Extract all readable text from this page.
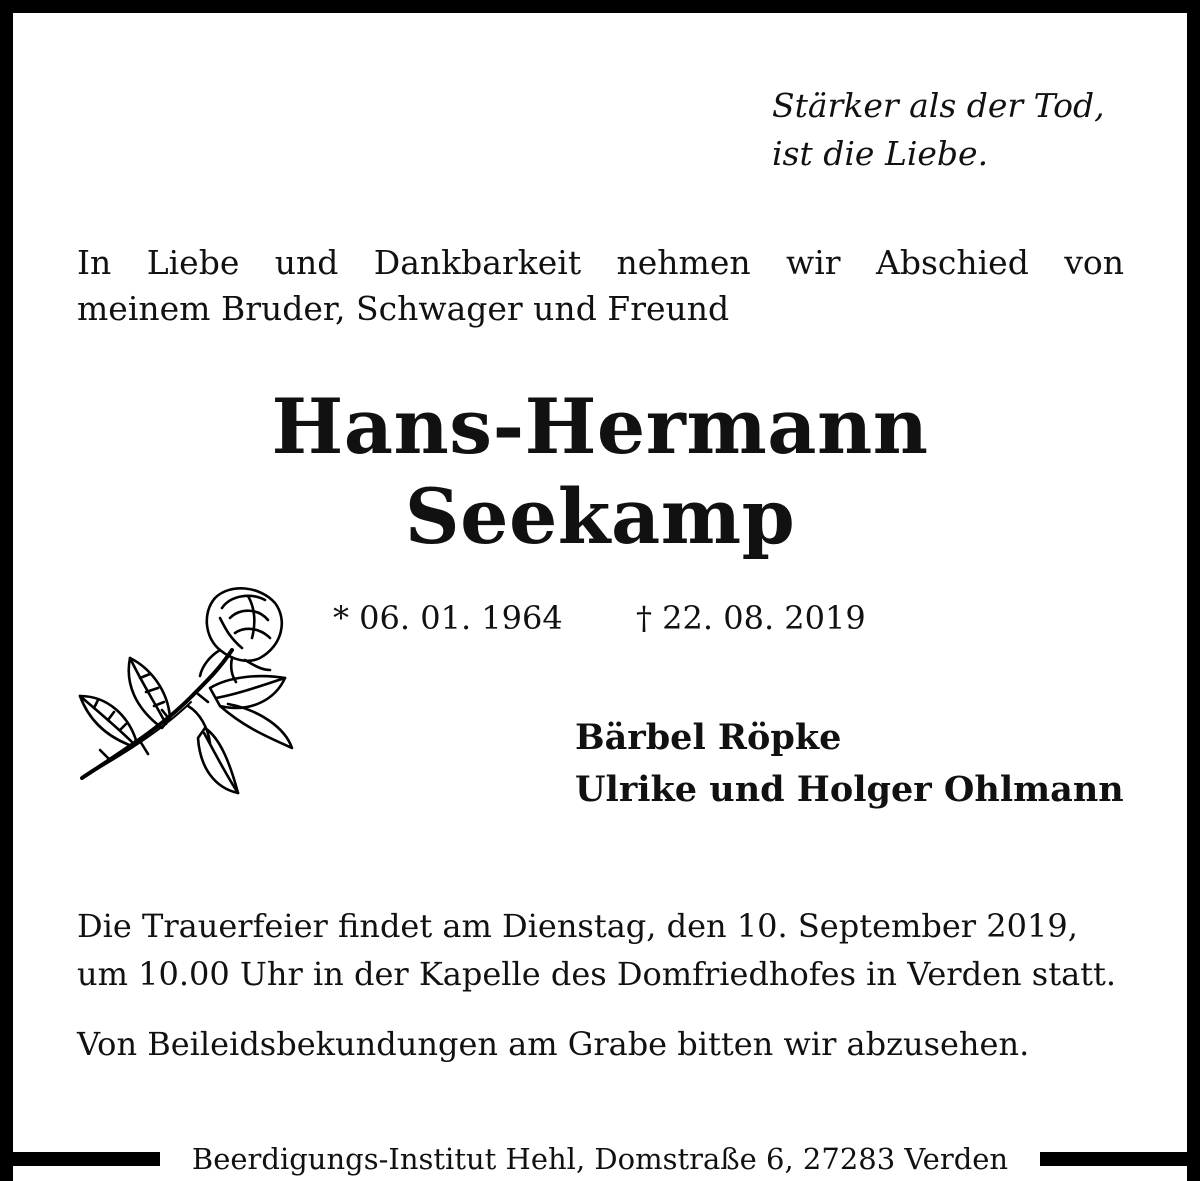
Stärker als der Tod,
ist die Liebe.
In Liebe und Dankbarkeit nehmen wir Abschied von
meinem Bruder, Schwager und Freund
Hans-Hermann
Seekamp
* 06. 01. 1964 † 22. 08. 2019
Bärbel Röpke
Ulrike und Holger Ohlmann
Die Trauerfeier findet am Dienstag, den 10. September 2019,
um 10.00 Uhr in der Kapelle des Domfriedhofes in Verden statt.
Von Beileidsbekundungen am Grabe bitten wir abzusehen.
Beerdigungs-Institut Hehl, Domstraße 6, 27283 Verden
